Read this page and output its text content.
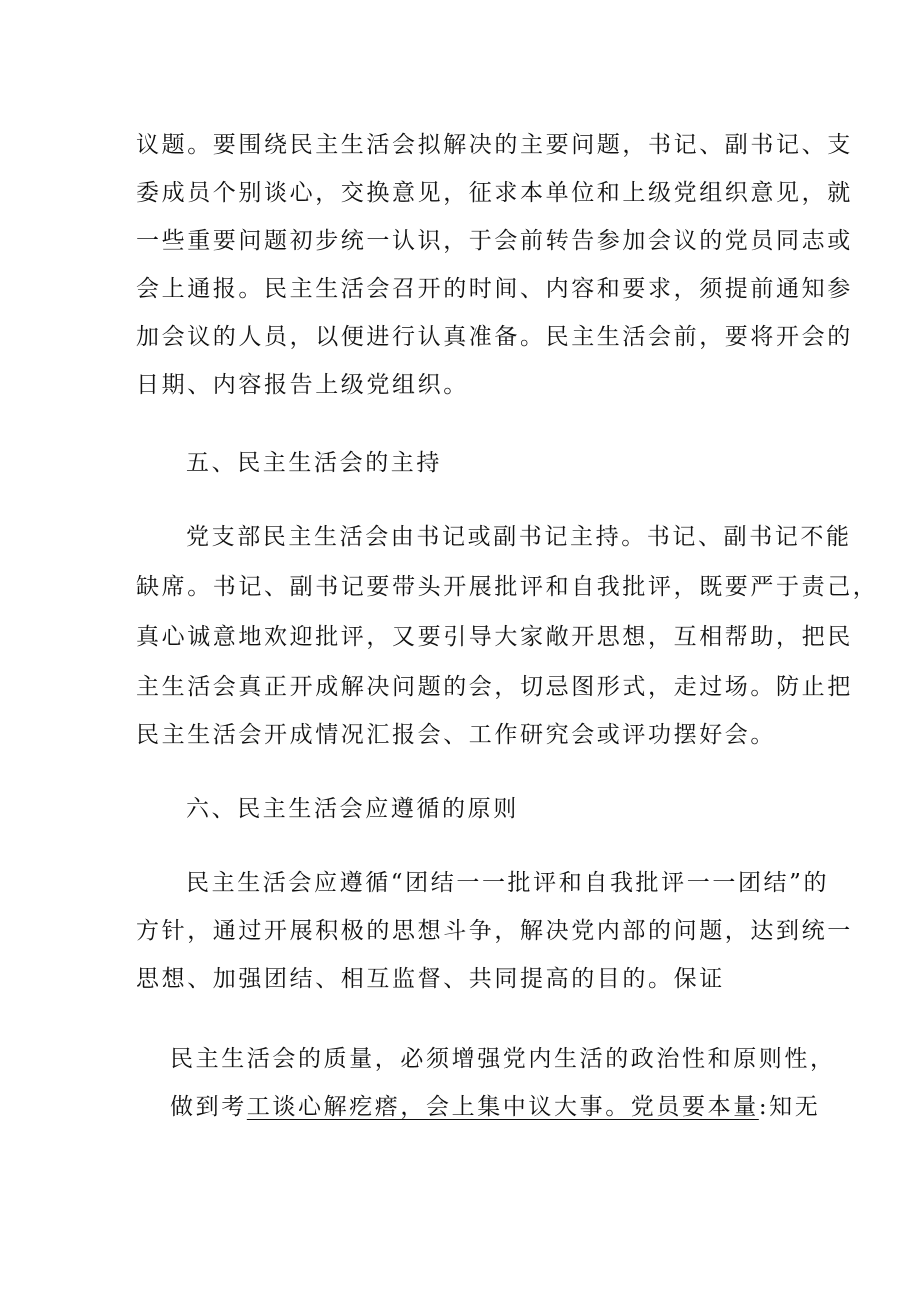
议题。要围绕民主生活会拟解决的主要问题，书记、副书记、支
委成员个别谈心，交换意见，征求本单位和上级党组织意见，就
一些重要问题初步统一认识，于会前转告参加会议的党员同志或
会上通报。民主生活会召开的时间、内容和要求，须提前通知参
加会议的人员，以便进行认真准备。民主生活会前，要将开会的
日期、内容报告上级党组织。
五、民主生活会的主持
党支部民主生活会由书记或副书记主持。书记、副书记不能
缺席。书记、副书记要带头开展批评和自我批评，既要严于责己，
真心诚意地欢迎批评，又要引导大家敞开思想，互相帮助，把民
主生活会真正开成解决问题的会，切忌图形式，走过场。防止把
民主生活会开成情况汇报会、工作研究会或评功摆好会。
六、民主生活会应遵循的原则
民主生活会应遵循“团结一一批评和自我批评一一团结”的
方针，通过开展积极的思想斗争，解决党内部的问题，达到统一
思想、加强团结、相互监督、共同提高的目的。保证
民主生活会的质量，必须增强党内生活的政治性和原则性，
做到考工谈心解疙瘩，会上集中议大事。党员要本量:知无
